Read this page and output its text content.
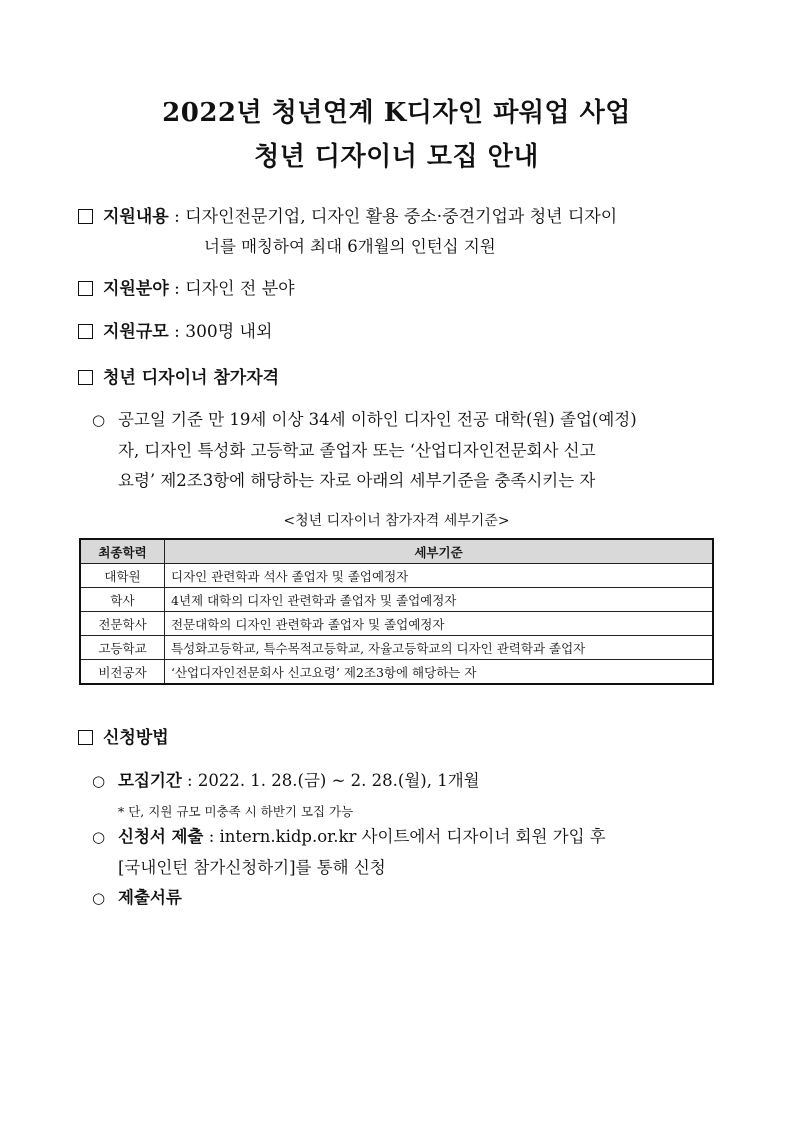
2022년 청년연계 K디자인 파워업 사업
청년 디자이너 모집 안내
지원내용 : 디자인전문기업, 디자인 활용 중소·중견기업과 청년 디자이
너를 매칭하여 최대 6개월의 인턴십 지원
지원분야 : 디자인 전 분야
지원규모 : 300명 내외
청년 디자이너 참가자격
○ 공고일 기준 만 19세 이상 34세 이하인 디자인 전공 대학(원) 졸업(예정)
자, 디자인 특성화 고등학교 졸업자 또는 ‘산업디자인전문회사 신고
요령’ 제2조3항에 해당하는 자로 아래의 세부기준을 충족시키는 자
<청년 디자이너 참가자격 세부기준>
최종학력	세부기준
대학원	디자인 관련학과 석사 졸업자 및 졸업예정자
학사	4년제 대학의 디자인 관련학과 졸업자 및 졸업예정자
전문학사	전문대학의 디자인 관련학과 졸업자 및 졸업예정자
고등학교	특성화고등학교, 특수목적고등학교, 자율고등학교의 디자인 관력학과 졸업자
비전공자	‘산업디자인전문회사 신고요령’ 제2조3항에 해당하는 자
신청방법
○ 모집기간 : 2022. 1. 28.(금) ~ 2. 28.(월), 1개월
* 단, 지원 규모 미충족 시 하반기 모집 가능
○ 신청서 제출 : intern.kidp.or.kr 사이트에서 디자이너 회원 가입 후
[국내인턴 참가신청하기]를 통해 신청
○ 제출서류
